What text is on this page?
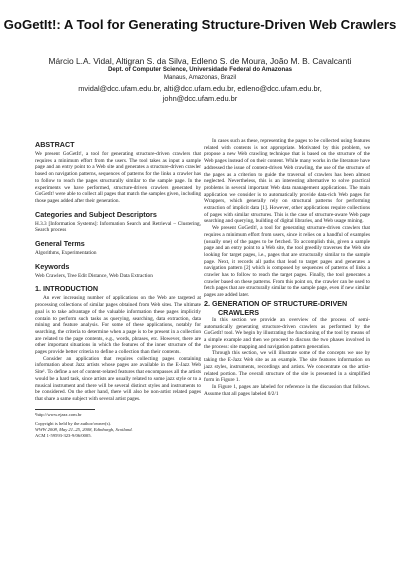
GoGetIt!: A Tool for Generating Structure-Driven Web Crawlers
Márcio L.A. Vidal, Altigran S. da Silva, Edleno S. de Moura, João M. B. Cavalcanti
Dept. of Computer Science, Universidade Federal do Amazonas
Manaus, Amazonas, Brazil
mvidal@dcc.ufam.edu.br, alti@dcc.ufam.edu.br, edleno@dcc.ufam.edu.br,
john@dcc.ufam.edu.br
ABSTRACT

We present GoGetIt!, a tool for generating structure-driven crawlers that requires a minimum effort from the users. The tool takes as input a sample page and an entry point to a Web site and generates a structure-driven crawler based on navigation patterns, sequences of patterns for the links a crawler has to follow to reach the pages structurally similar to the sample page. In the experiments we have performed, structure-driven crawlers generated by GoGetIt! were able to collect all pages that match the samples given, including those pages added after their generation.

Categories and Subject Descriptors

H.3.3 [Information Systems]: Information Search and Retrieval – Clustering, Search process

General Terms

Algorithms, Experimentation

Keywords

Web Crawlers, Tree Edit Distance, Web Data Extraction

1. INTRODUCTION

An ever increasing number of applications on the Web are targeted at processing collections of similar pages obtained from Web sites. The ultimate goal is to take advantage of the valuable information these pages implicitly contain to perform such tasks as querying, searching, data extraction, data mining and feature analysis. For some of these applications, notably for searching, the criteria to determine when a page is to be present in a collection are related to the page contents, e.g., words, phrases, etc. However, there are other important situations in which the features of the inner structure of the pages provide better criteria to define a collection than their contents.

Consider an application that requires collecting pages containing information about Jazz artists whose pages are available in the E-Jazz Web Site¹. To define a set of content-related features that encompasses all the artists would be a hard task, since artists are usually related to some jazz style or to a musical instrument and there will be several distinct styles and instruments to be considered. On the other hand, there will also be non-artist related pages that share a same subject with several artist pages.

¹http://www.ejazz.com.br
Copyright is held by the author/owner(s).
WWW 2008, May 21–25, 2008, Edinburgh, Scotland.
ACM 1-59593-323-9/06/0005.

In cases such as these, representing the pages to be collected using features related with contents is not appropriate. Motivated by this problem, we propose a new Web crawling technique that is based on the structure of the Web pages instead of on their content. While many works in the literature have addressed the issue of content-driven Web crawling, the use of the structure of the pages as a criterion to guide the traversal of crawlers has been almost neglected. Nevertheless, this is an interesting alternative to solve practical problems in several important Web data management applications. The main application we consider is to automatically provide data-rich Web pages for Wrappers, which generally rely on structural patterns for performing extraction of implicit data [1]. However, other applications require collections of pages with similar structures. This is the case of structure-aware Web page searching and querying, building of digital libraries, and Web usage mining.

We present GoGetIt!, a tool for generating structure-driven crawlers that requires a minimum effort from users, since it relies on a handful of examples (usually one) of the pages to be fetched. To accomplish this, given a sample page and an entry point to a Web site, the tool greedily traverses the Web site looking for target pages, i.e., pages that are structurally similar to the sample page. Next, it records all paths that lead to target pages and generates a navigation pattern [2] which is composed by sequences of patterns of links a crawler has to follow to reach the target pages. Finally, the tool generates a crawler based on these patterns. From this point on, the crawler can be used to fetch pages that are structurally similar to the sample page, even if new similar pages are added later.

2. GENERATION OF STRUCTURE-DRIVEN
CRAWLERS

In this section we provide an overview of the process of semi-automatically generating structure-driven crawlers as performed by the GoGetIt! tool. We begin by illustrating the functioning of the tool by means of a simple example and then we proceed to discuss the two phases involved in the process: site mapping and navigation pattern generation.

Through this section, we will illustrate some of the concepts we use by taking the E-Jazz Web site as an example. The site features information on jazz styles, instruments, recordings and artists. We concentrate on the artist-related portion. The overall structure of the site is presented in a simplified form in Figure 1.

In Figure 1, pages are labeled for reference in the discussion that follows. Assume that all pages labeled 0/2/1
